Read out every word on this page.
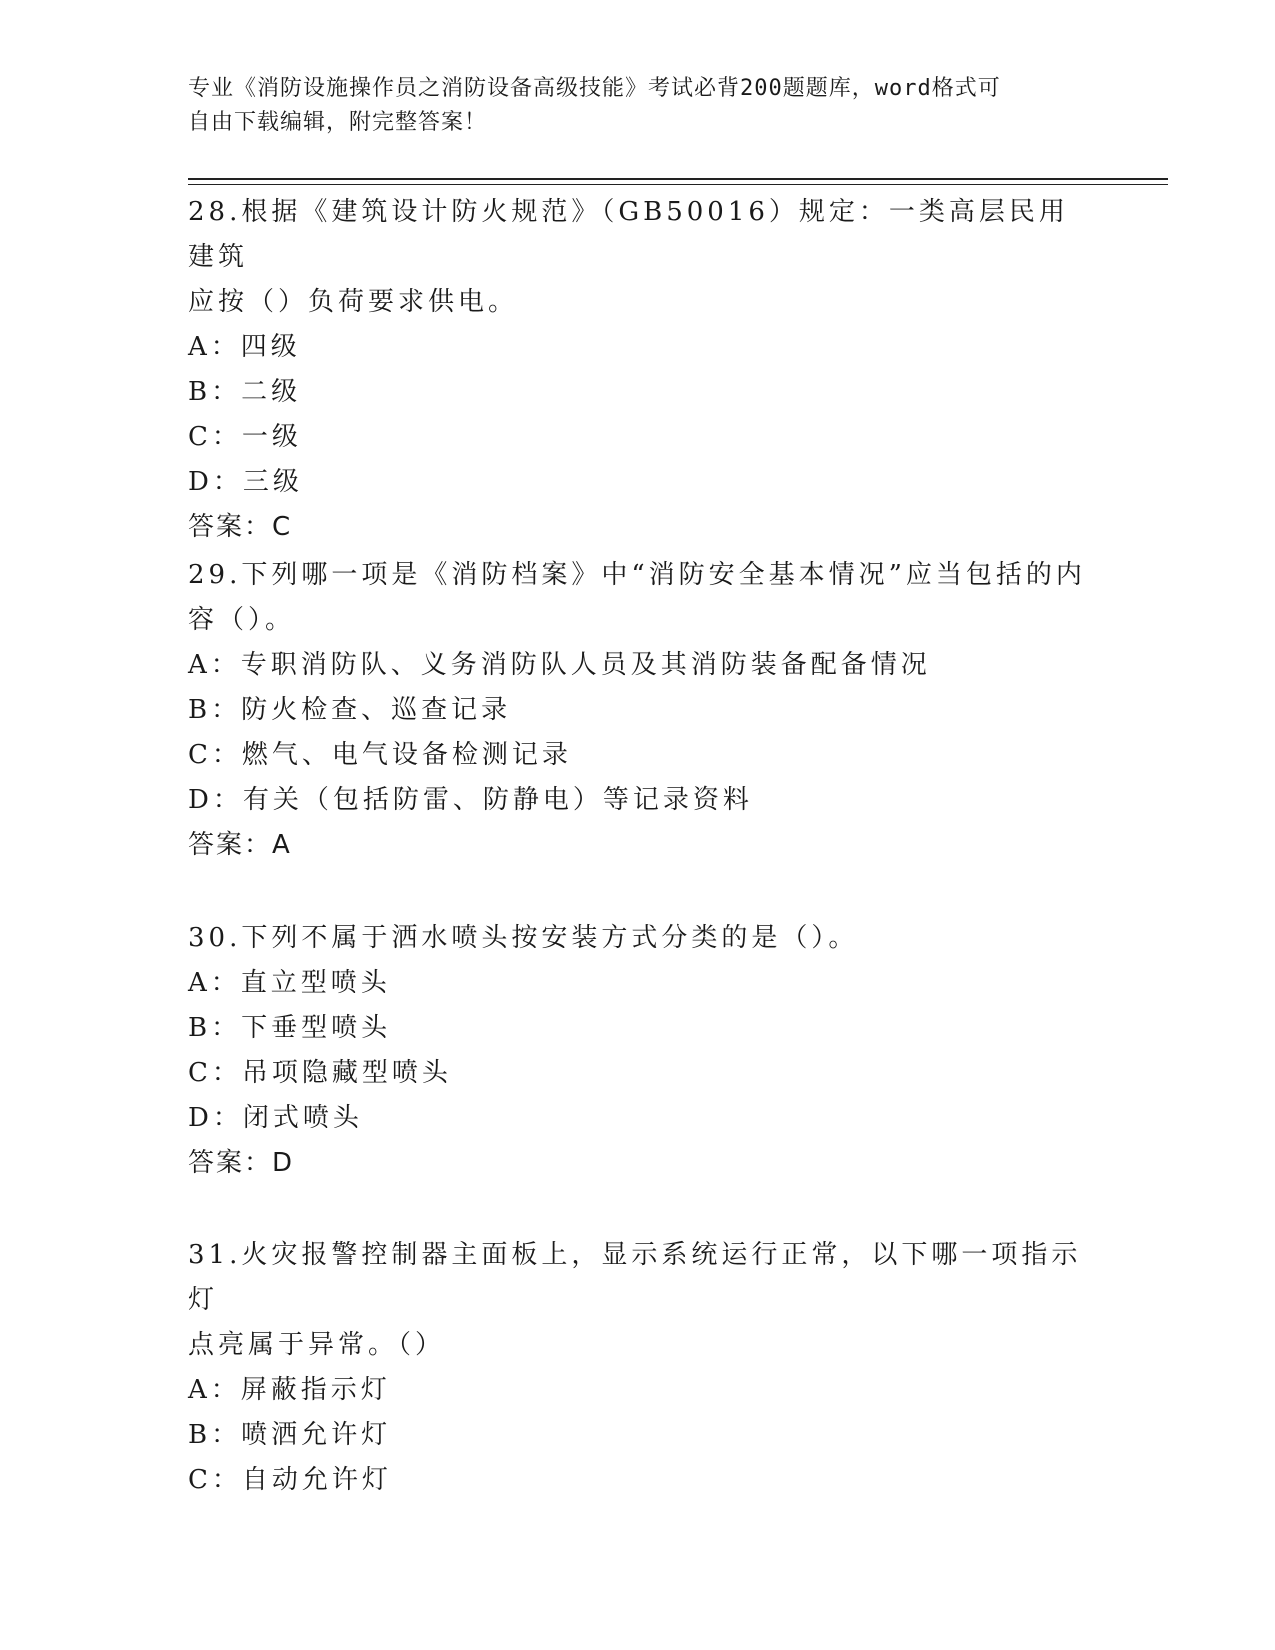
专业《消防设施操作员之消防设备高级技能》考试必背200题题库，word格式可
自由下载编辑，附完整答案！

28.根据《建筑设计防火规范》（GB50016）规定：一类高层民用建筑

应按（）负荷要求供电。

A：四级

B：二级

C：一级

D：三级

答案：C

29.下列哪一项是《消防档案》中“消防安全基本情况”应当包括的内

容（）。

A：专职消防队、义务消防队人员及其消防装备配备情况

B：防火检查、巡查记录

C：燃气、电气设备检测记录

D：有关（包括防雷、防静电）等记录资料

答案：A

30.下列不属于洒水喷头按安装方式分类的是（）。

A：直立型喷头

B：下垂型喷头

C：吊项隐藏型喷头

D：闭式喷头

答案：D

31.火灾报警控制器主面板上，显示系统运行正常，以下哪一项指示灯

点亮属于异常。（）

A：屏蔽指示灯

B：喷洒允许灯

C：自动允许灯
